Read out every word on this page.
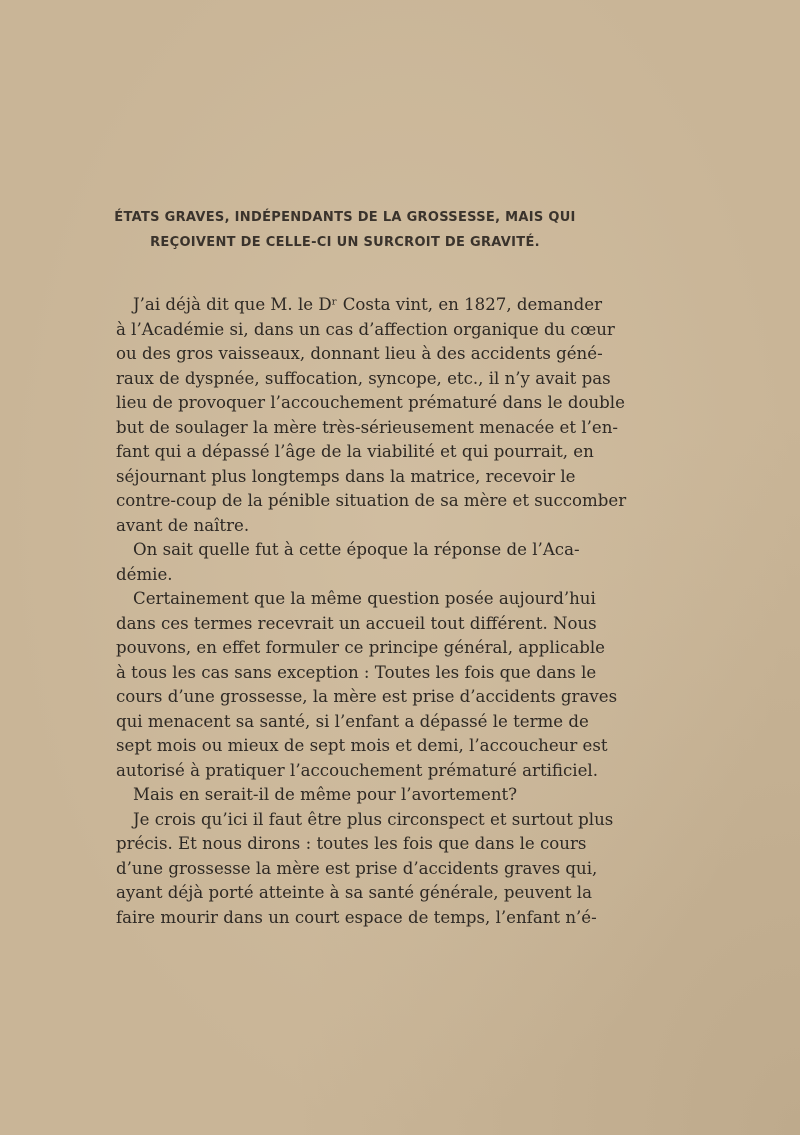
ÉTATS GRAVES, INDÉPENDANTS DE LA GROSSESSE, MAIS QUI
REÇOIVENT DE CELLE-CI UN SURCROIT DE GRAVITÉ.
J’ai déjà dit que M. le Dʳ Costa vint, en 1827, demander
à l’Académie si, dans un cas d’affection organique du cœur
ou des gros vaisseaux, donnant lieu à des accidents géné-
raux de dyspnée, suffocation, syncope, etc., il n’y avait pas
lieu de provoquer l’accouchement prématuré dans le double
but de soulager la mère très-sérieusement menacée et l’en-
fant qui a dépassé l’âge de la viabilité et qui pourrait, en
séjournant plus longtemps dans la matrice, recevoir le
contre-coup de la pénible situation de sa mère et succomber
avant de naître.
On sait quelle fut à cette époque la réponse de l’Aca-
démie.
Certainement que la même question posée aujourd’hui
dans ces termes recevrait un accueil tout différent. Nous
pouvons, en effet formuler ce principe général, applicable
à tous les cas sans exception : Toutes les fois que dans le
cours d’une grossesse, la mère est prise d’accidents graves
qui menacent sa santé, si l’enfant a dépassé le terme de
sept mois ou mieux de sept mois et demi, l’accoucheur est
autorisé à pratiquer l’accouchement prématuré artificiel.
Mais en serait-il de même pour l’avortement?
Je crois qu’ici il faut être plus circonspect et surtout plus
précis. Et nous dirons : toutes les fois que dans le cours
d’une grossesse la mère est prise d’accidents graves qui,
ayant déjà porté atteinte à sa santé générale, peuvent la
faire mourir dans un court espace de temps, l’enfant n’é-
